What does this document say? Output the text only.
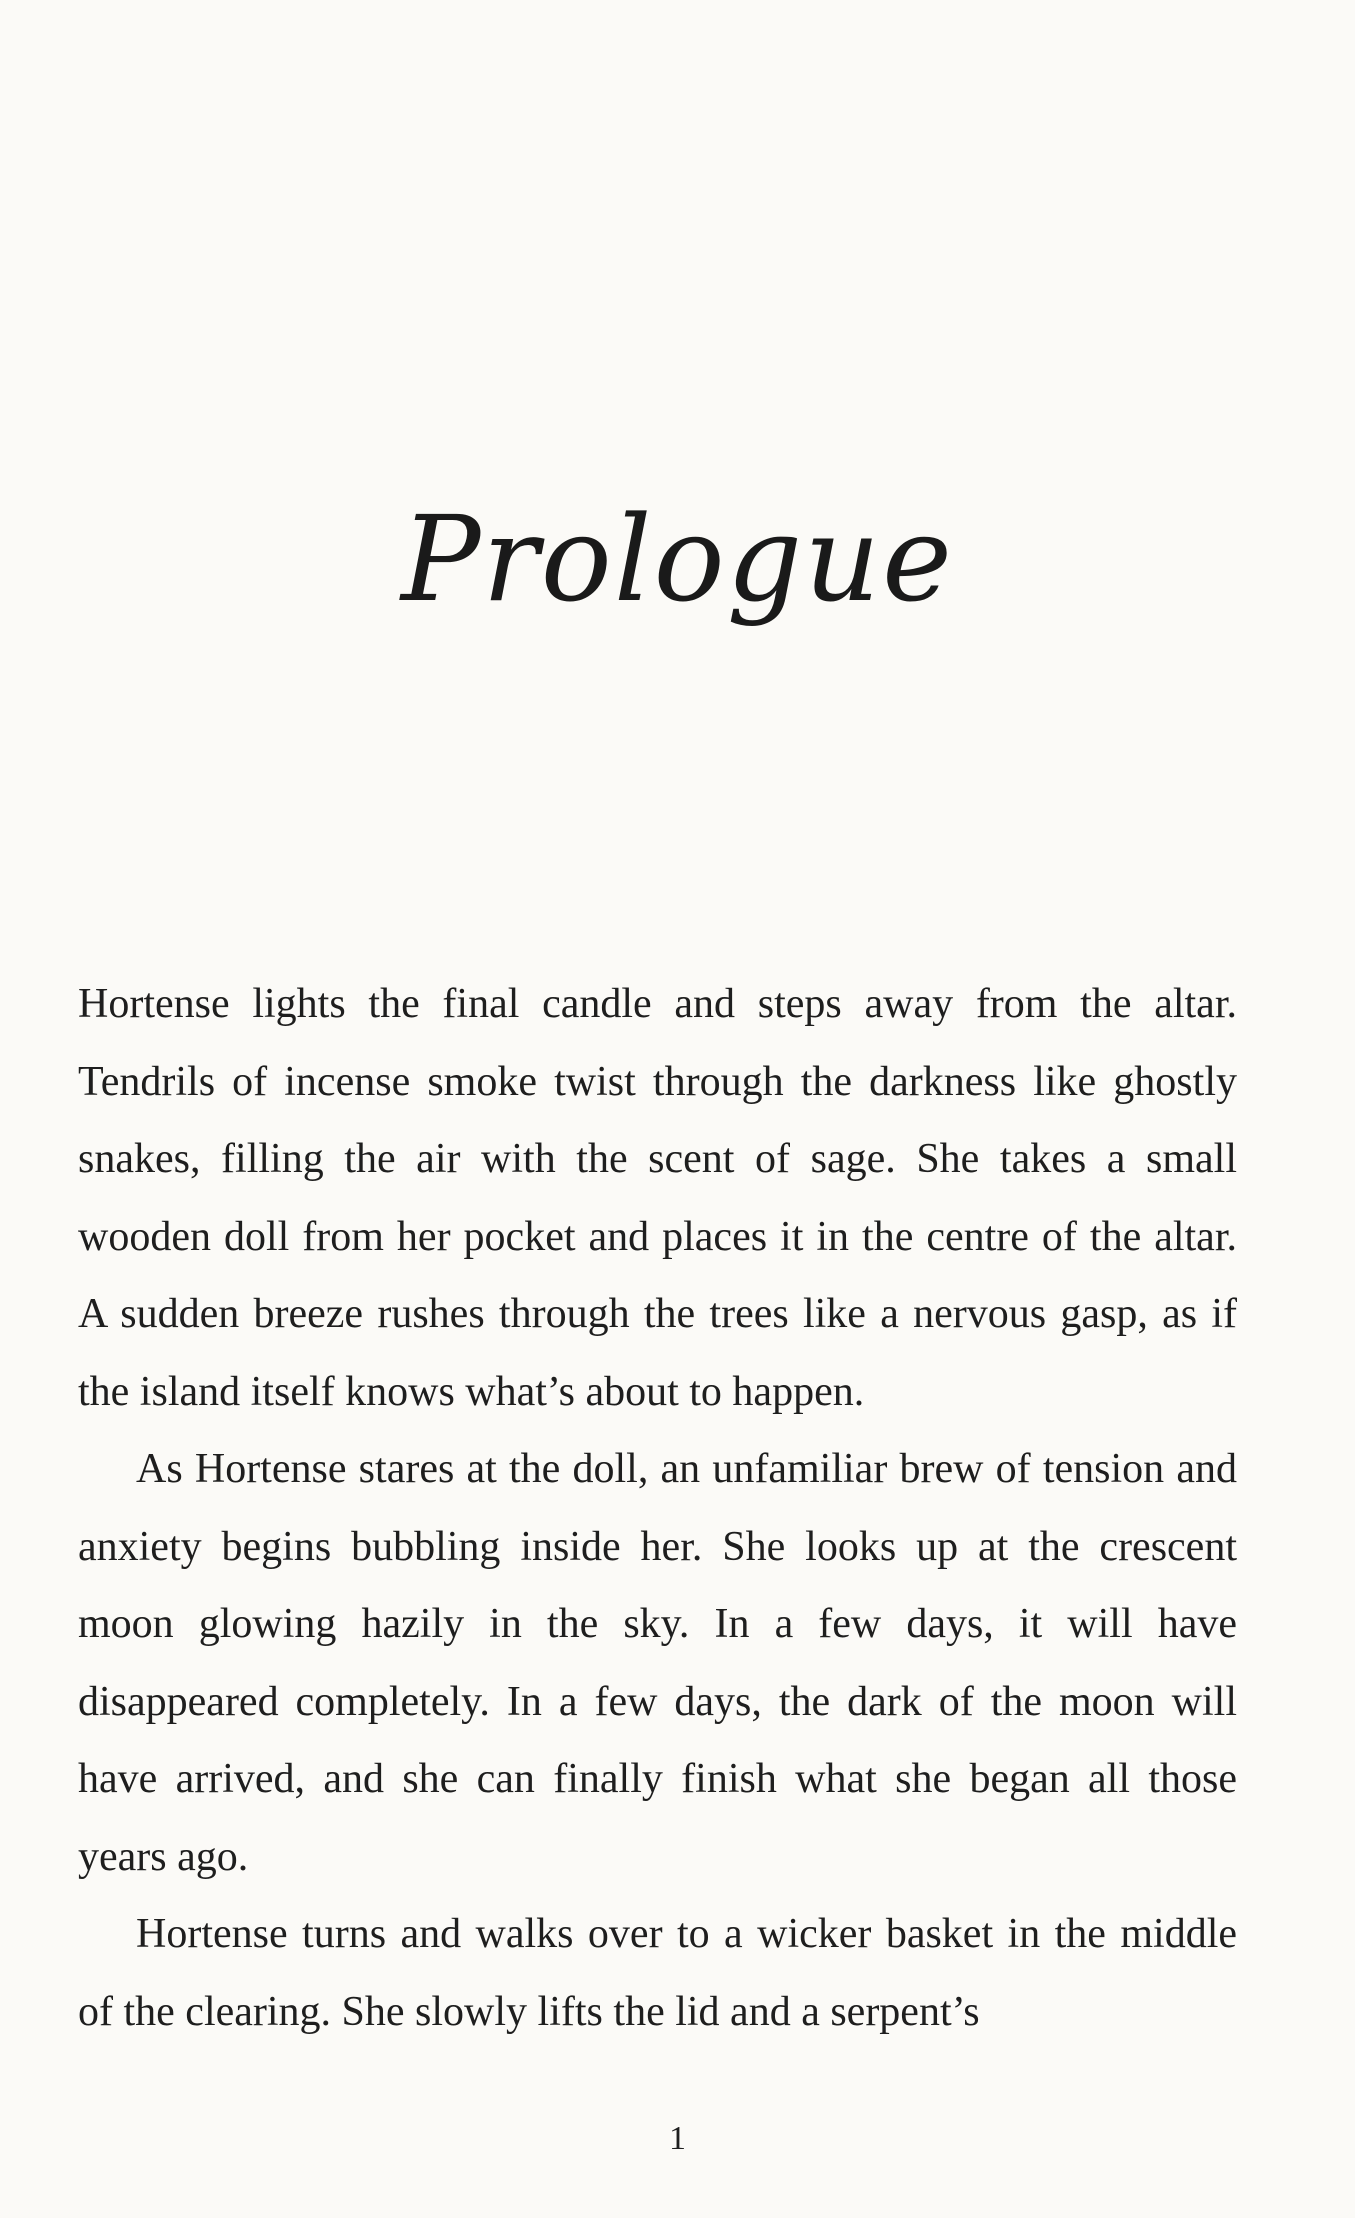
Prologue

Hortense lights the final candle and steps away from the altar. Tendrils of incense smoke twist through the darkness like ghostly snakes, filling the air with the scent of sage. She takes a small wooden doll from her pocket and places it in the centre of the altar. A sudden breeze rushes through the trees like a nervous gasp, as if the island itself knows what’s about to happen.

As Hortense stares at the doll, an unfamiliar brew of tension and anxiety begins bubbling inside her. She looks up at the crescent moon glowing hazily in the sky. In a few days, it will have disappeared completely. In a few days, the dark of the moon will have arrived, and she can finally finish what she began all those years ago.

Hortense turns and walks over to a wicker basket in the middle of the clearing. She slowly lifts the lid and a serpent’s

1
